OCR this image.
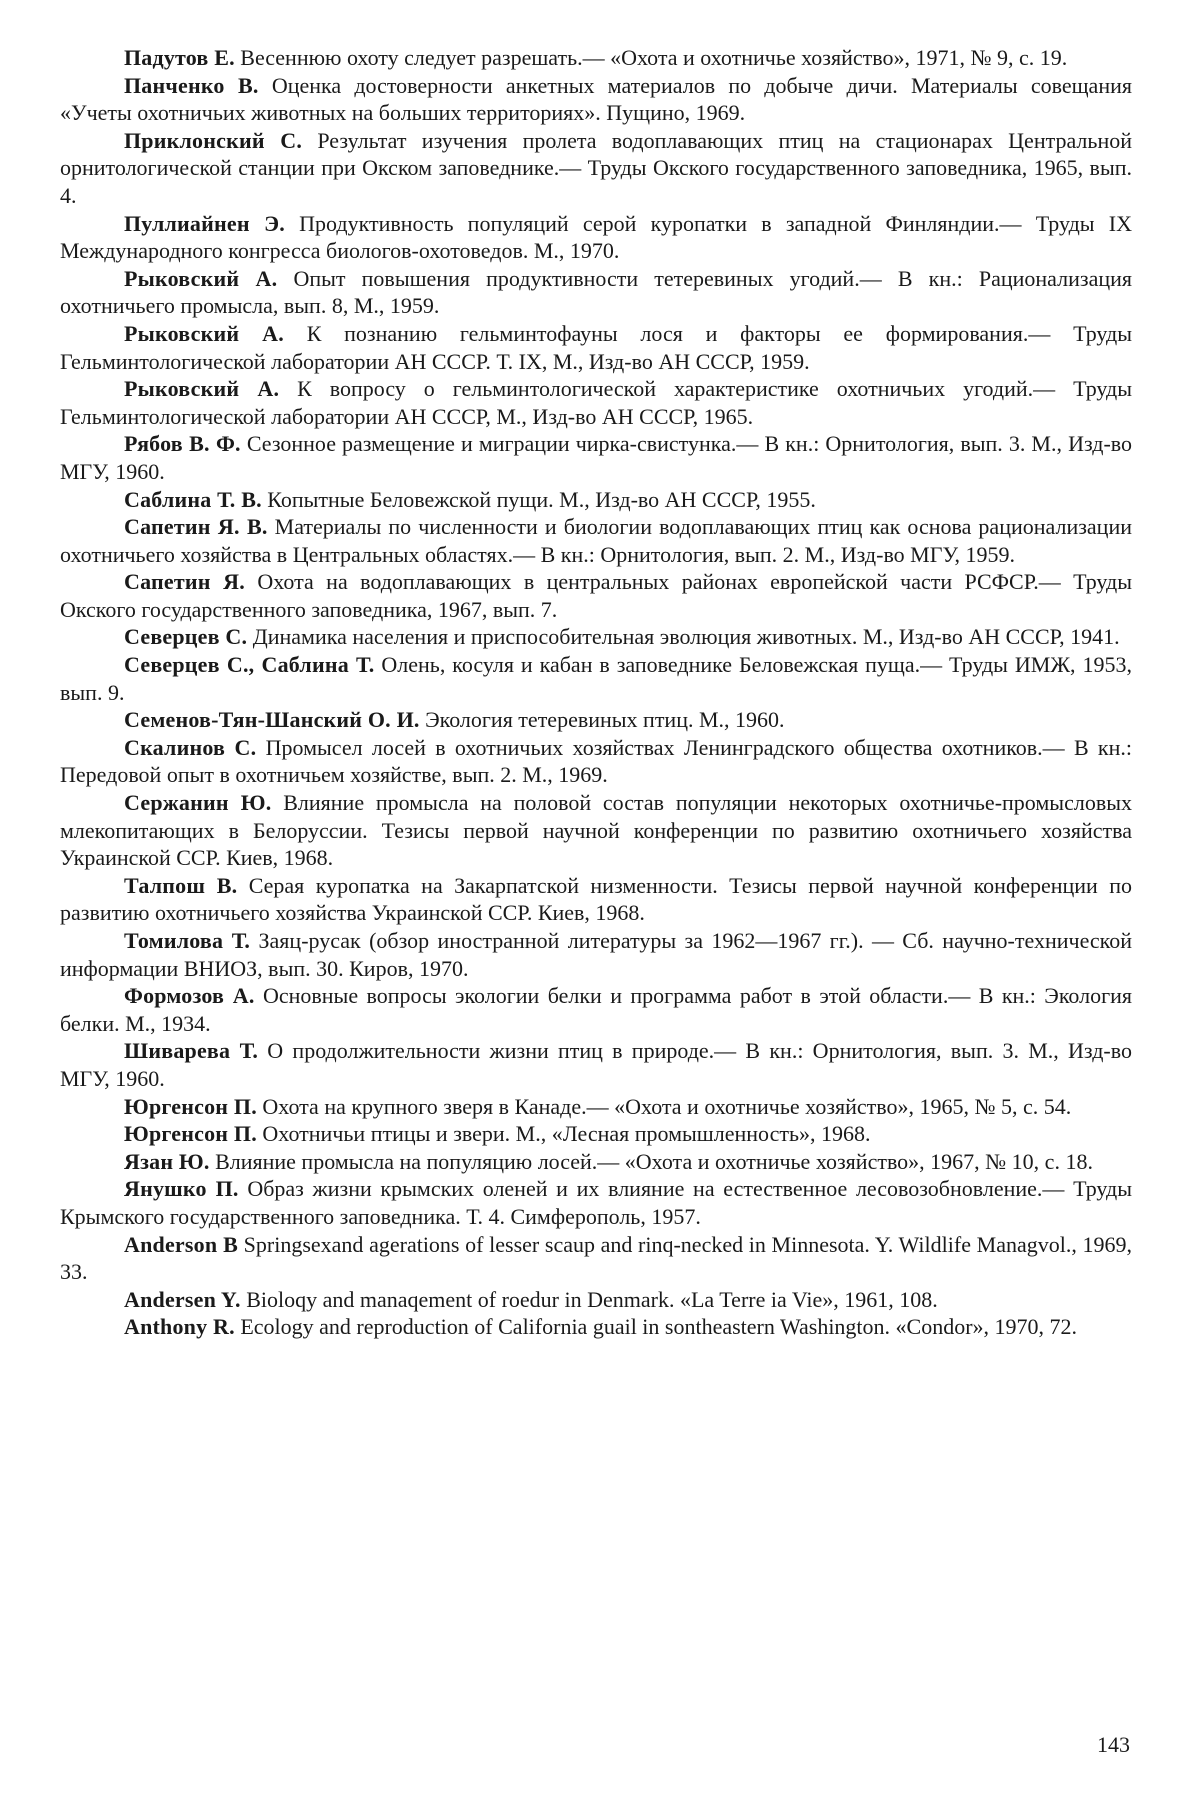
Падутов Е. Весеннюю охоту следует разрешать.— «Охота и охотничье хозяйство», 1971, № 9, с. 19.

Панченко В. Оценка достоверности анкетных материалов по добыче дичи. Материалы совещания «Учеты охотничьих животных на больших территориях». Пущино, 1969.

Приклонский С. Результат изучения пролета водоплавающих птиц на стационарах Центральной орнитологической станции при Окском заповеднике.— Труды Окского государственного заповедника, 1965, вып. 4.

Пуллиайнен Э. Продуктивность популяций серой куропатки в западной Финляндии.— Труды IX Международного конгресса биологов-охотоведов. М., 1970.

Рыковский А. Опыт повышения продуктивности тетеревиных угодий.— В кн.: Рационализация охотничьего промысла, вып. 8, М., 1959.

Рыковский А. К познанию гельминтофауны лося и факторы ее формирования.— Труды Гельминтологической лаборатории АН СССР. Т. IX, М., Изд-во АН СССР, 1959.

Рыковский А. К вопросу о гельминтологической характеристике охотничьих угодий.— Труды Гельминтологической лаборатории АН СССР, М., Изд-во АН СССР, 1965.

Рябов В. Ф. Сезонное размещение и миграции чирка-свистунка.— В кн.: Орнитология, вып. 3. М., Изд-во МГУ, 1960.

Саблина Т. В. Копытные Беловежской пущи. М., Изд-во АН СССР, 1955.

Сапетин Я. В. Материалы по численности и биологии водоплавающих птиц как основа рационализации охотничьего хозяйства в Центральных областях.— В кн.: Орнитология, вып. 2. М., Изд-во МГУ, 1959.

Сапетин Я. Охота на водоплавающих в центральных районах европейской части РСФСР.— Труды Окского государственного заповедника, 1967, вып. 7.

Северцев С. Динамика населения и приспособительная эволюция животных. М., Изд-во АН СССР, 1941.

Северцев С., Саблина Т. Олень, косуля и кабан в заповеднике Беловежская пуща.— Труды ИМЖ, 1953, вып. 9.

Семенов-Тян-Шанский О. И. Экология тетеревиных птиц. М., 1960.

Скалинов С. Промысел лосей в охотничьих хозяйствах Ленинградского общества охотников.— В кн.: Передовой опыт в охотничьем хозяйстве, вып. 2. М., 1969.

Сержанин Ю. Влияние промысла на половой состав популяции некоторых охотничье-промысловых млекопитающих в Белоруссии. Тезисы первой научной конференции по развитию охотничьего хозяйства Украинской ССР. Киев, 1968.

Талпош В. Серая куропатка на Закарпатской низменности. Тезисы первой научной конференции по развитию охотничьего хозяйства Украинской ССР. Киев, 1968.

Томилова Т. Заяц-русак (обзор иностранной литературы за 1962—1967 гг.). — Сб. научно-технической информации ВНИОЗ, вып. 30. Киров, 1970.

Формозов А. Основные вопросы экологии белки и программа работ в этой области.— В кн.: Экология белки. М., 1934.

Шиварева Т. О продолжительности жизни птиц в природе.— В кн.: Орнитология, вып. 3. М., Изд-во МГУ, 1960.

Юргенсон П. Охота на крупного зверя в Канаде.— «Охота и охотничье хозяйство», 1965, № 5, с. 54.

Юргенсон П. Охотничьи птицы и звери. М., «Лесная промышленность», 1968.

Язан Ю. Влияние промысла на популяцию лосей.— «Охота и охотничье хозяйство», 1967, № 10, с. 18.

Янушко П. Образ жизни крымских оленей и их влияние на естественное лесовозобновление.— Труды Крымского государственного заповедника. Т. 4. Симферополь, 1957.

Anderson B Springsexand agerations of lesser scaup and rinq-necked in Minnesota. Y. Wildlife Managvol., 1969, 33.

Andersen Y. Bioloqy and manaqement of roedur in Denmark. «La Terre ia Vie», 1961, 108.

Anthony R. Ecology and reproduction of California guail in sontheastern Washington. «Condor», 1970, 72.

143
